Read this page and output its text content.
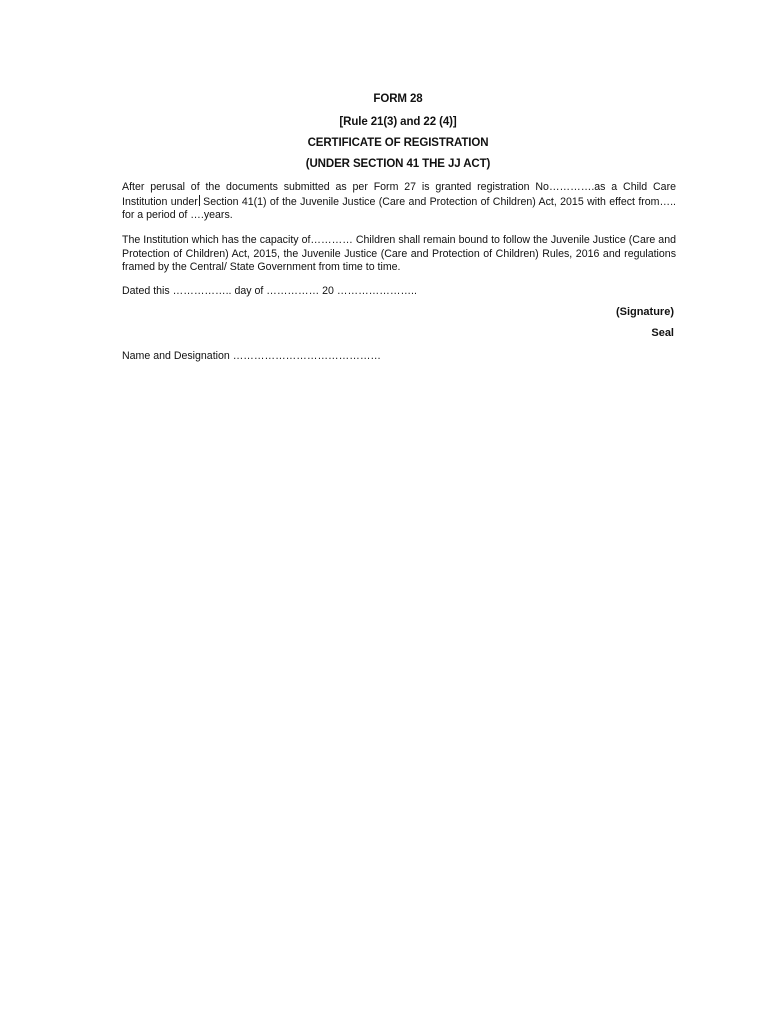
FORM 28
[Rule 21(3) and 22 (4)]
CERTIFICATE OF REGISTRATION
(UNDER SECTION 41 THE JJ ACT)

After perusal of the documents submitted as per Form 27 is granted registration No………….as a Child Care Institution under Section 41(1) of the Juvenile Justice (Care and Protection of Children) Act, 2015 with effect from….. for a period of ….years.

The Institution which has the capacity of………… Children shall remain bound to follow the Juvenile Justice (Care and Protection of Children) Act, 2015, the Juvenile Justice (Care and Protection of Children) Rules, 2016 and regulations framed by the Central/ State Government from time to time.

Dated this …………….. day of …………… 20 …………………..
(Signature)
Seal
Name and Designation ……………………………………
